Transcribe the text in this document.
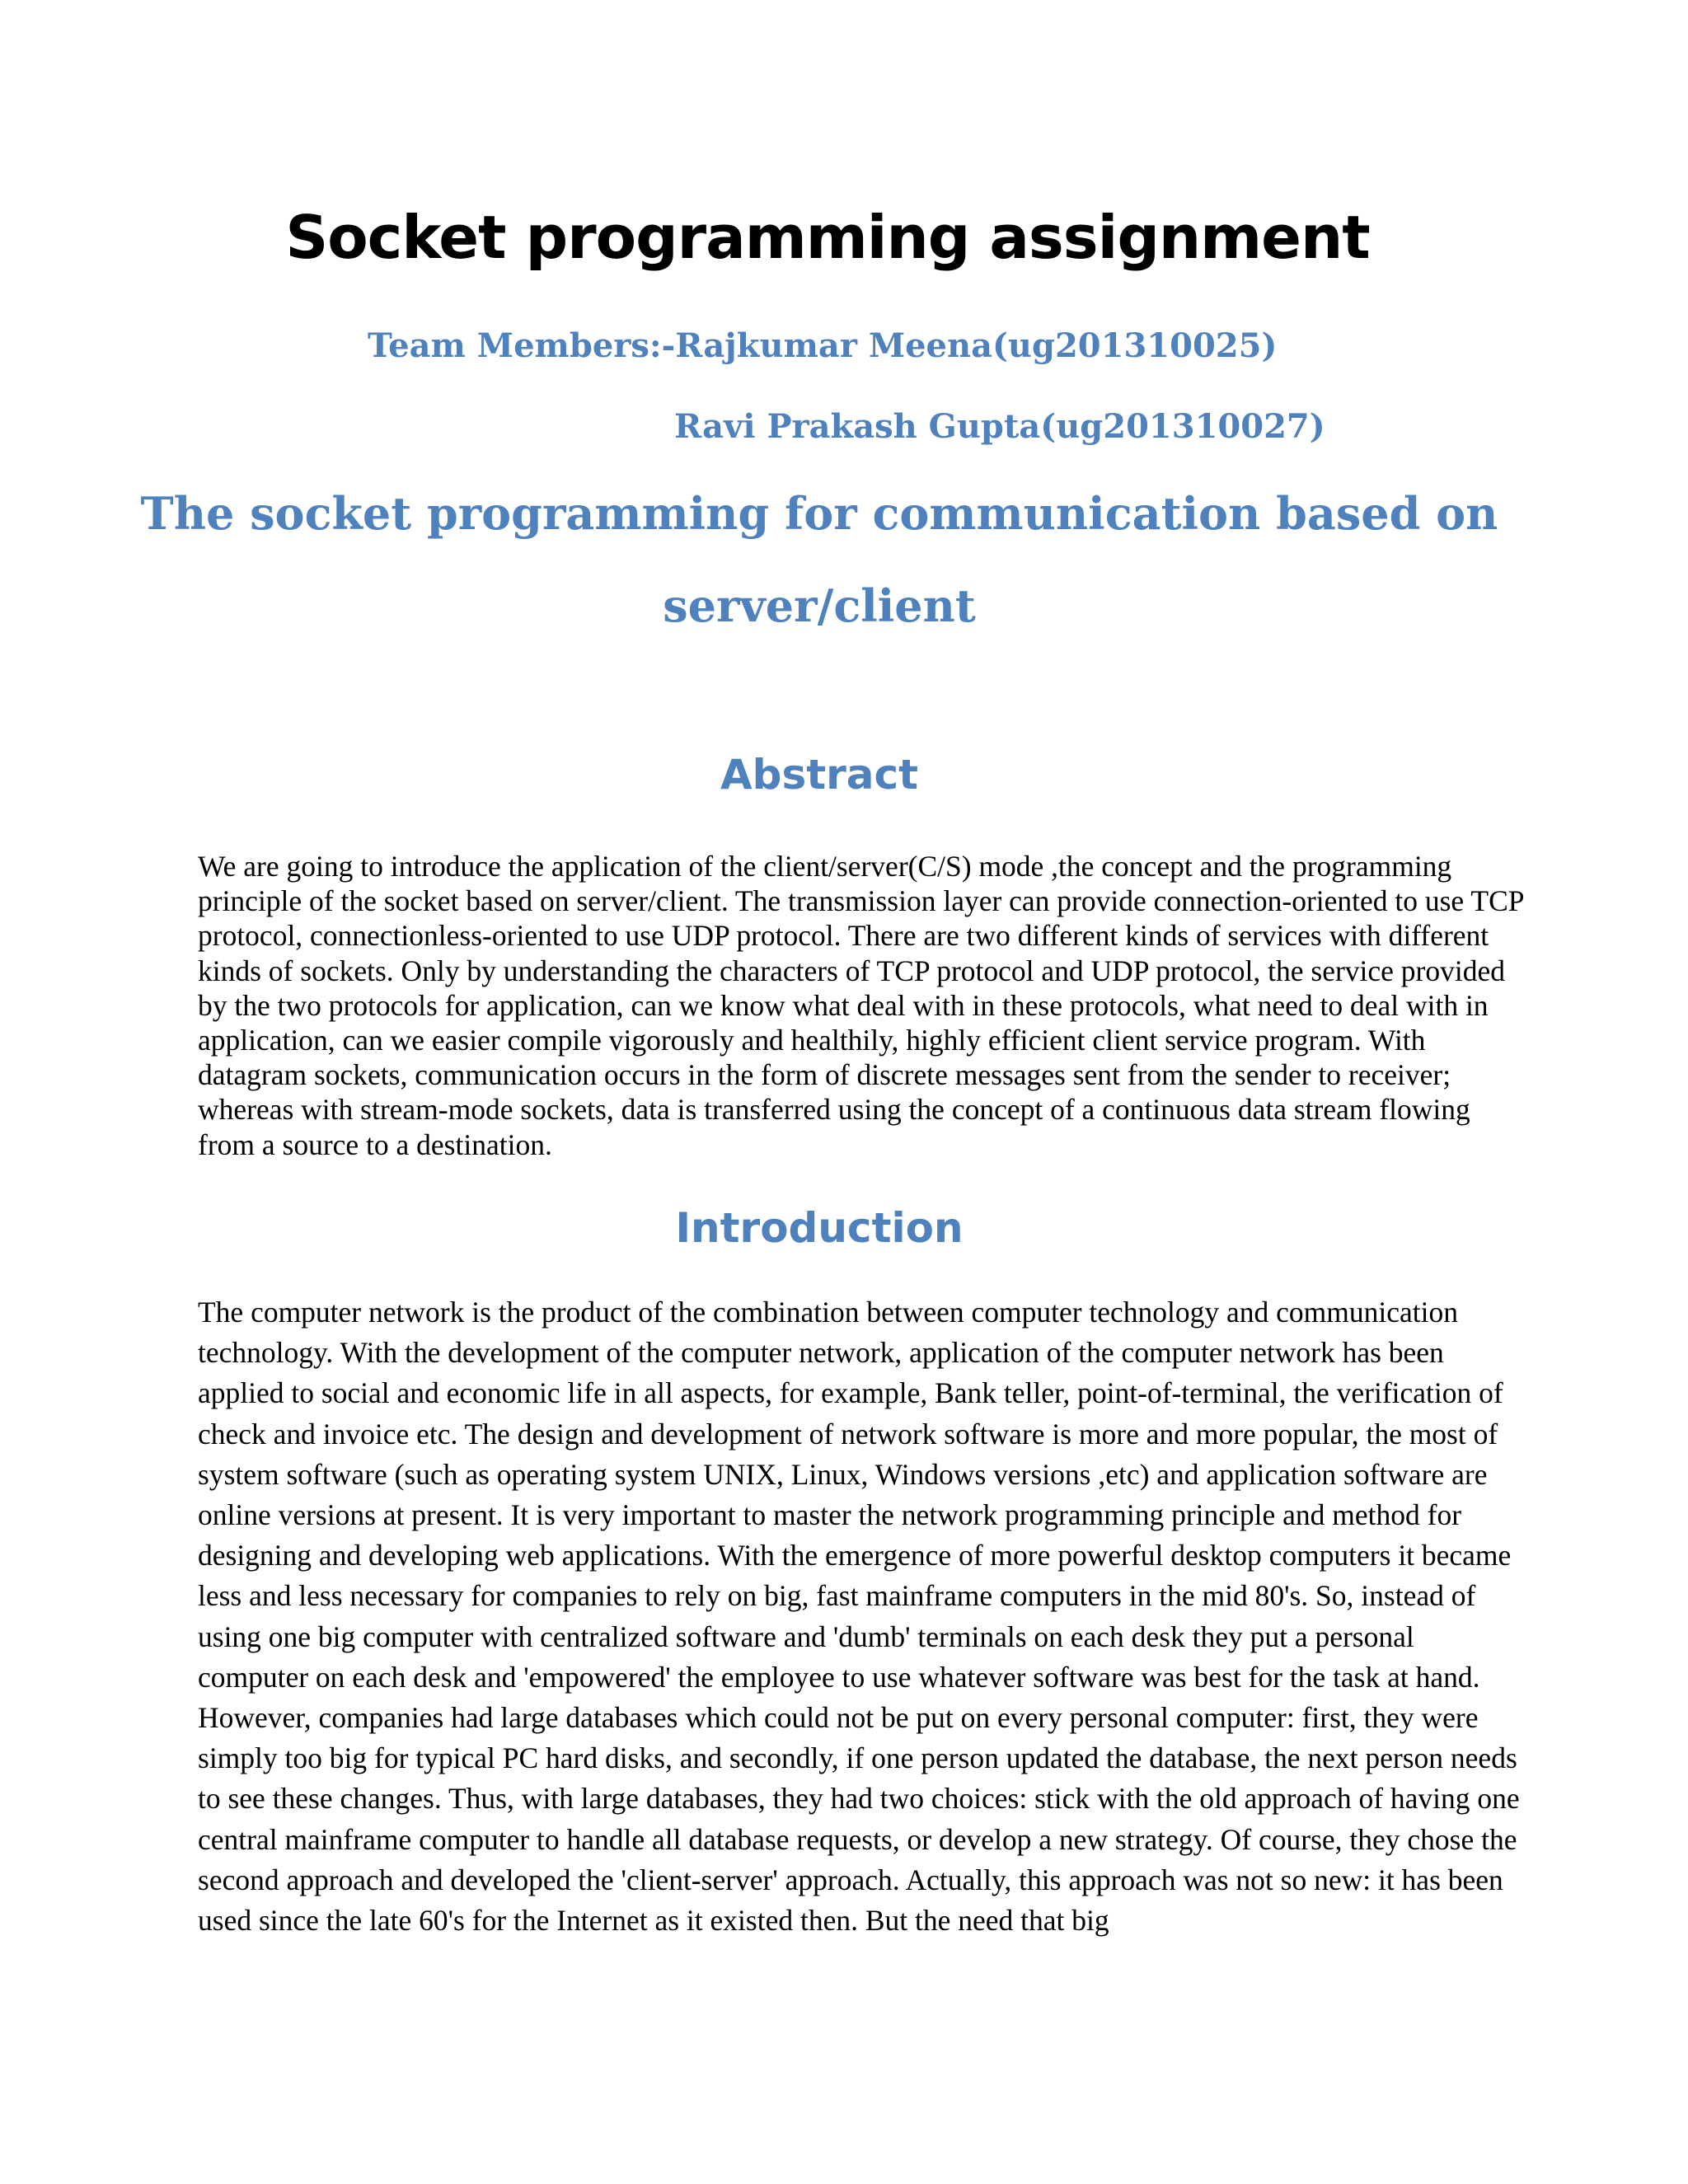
Socket programming assignment

Team Members:-Rajkumar Meena(ug201310025)

Ravi Prakash Gupta(ug201310027)

The socket programming for communication based on server/client
Abstract

We are going to introduce the application of the client/server(C/S) mode ,the concept and the programming principle of the socket based on server/client. The transmission layer can provide connection-oriented to use TCP protocol, connectionless-oriented to use UDP protocol. There are two different kinds of services with different kinds of sockets. Only by understanding the characters of TCP protocol and UDP protocol, the service provided by the two protocols for application, can we know what deal with in these protocols, what need to deal with in application, can we easier compile vigorously and healthily, highly efficient client service program. With datagram sockets, communication occurs in the form of discrete messages sent from the sender to receiver; whereas with stream-mode sockets, data is transferred using the concept of a continuous data stream flowing from a source to a destination.

Introduction

The computer network is the product of the combination between computer technology and communication technology. With the development of the computer network, application of the computer network has been applied to social and economic life in all aspects, for example, Bank teller, point-of-terminal, the verification of check and invoice etc. The design and development of network software is more and more popular, the most of system software (such as operating system UNIX, Linux, Windows versions ,etc) and application software are online versions at present. It is very important to master the network programming principle and method for designing and developing web applications. With the emergence of more powerful desktop computers it became less and less necessary for companies to rely on big, fast mainframe computers in the mid 80's. So, instead of using one big computer with centralized software and 'dumb' terminals on each desk they put a personal computer on each desk and 'empowered' the employee to use whatever software was best for the task at hand. However, companies had large databases which could not be put on every personal computer: first, they were simply too big for typical PC hard disks, and secondly, if one person updated the database, the next person needs to see these changes. Thus, with large databases, they had two choices: stick with the old approach of having one central mainframe computer to handle all database requests, or develop a new strategy. Of course, they chose the second approach and developed the 'client-server' approach. Actually, this approach was not so new: it has been used since the late 60's for the Internet as it existed then. But the need that big
